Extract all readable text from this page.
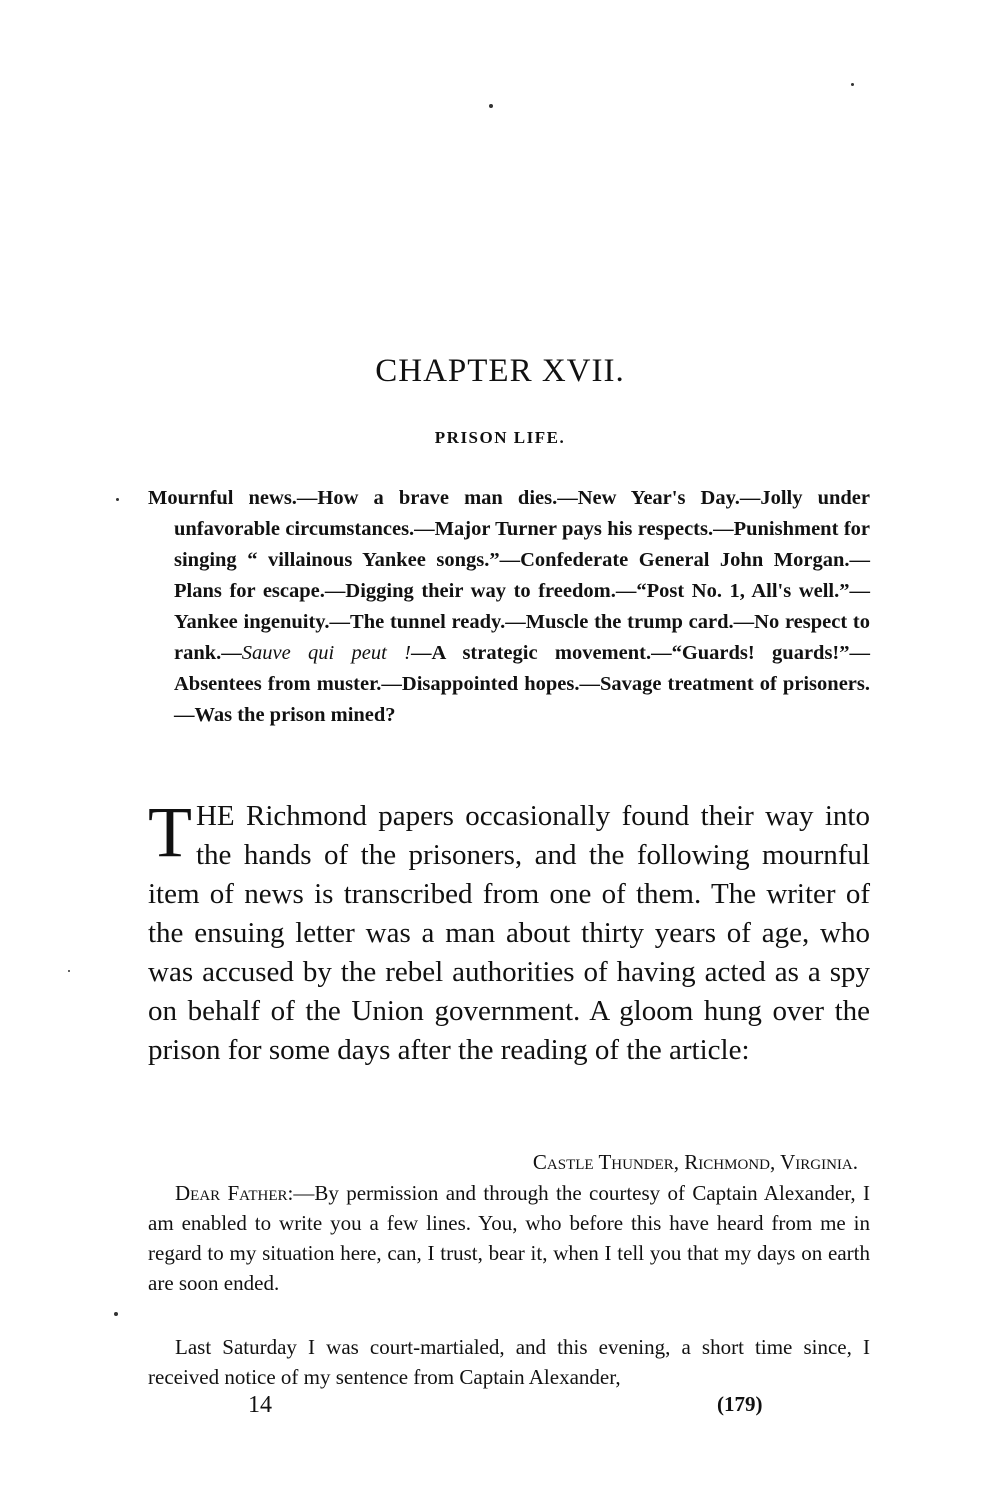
CHAPTER XVII.
PRISON LIFE.

Mournful news.—How a brave man dies.—New Year's Day.—Jolly under unfavorable circumstances.—Major Turner pays his respects.—Punishment for singing “ villainous Yankee songs.”—Confederate General John Morgan.—Plans for escape.—Digging their way to freedom.—“Post No. 1, All's well.”—Yankee ingenuity.—The tunnel ready.—Muscle the trump card.—No respect to rank.—Sauve qui peut !—A strategic movement.—“Guards! guards!”—Absentees from muster.—Disappointed hopes.—Savage treatment of prisoners.—Was the prison mined?

THE Richmond papers occasionally found their way into the hands of the prisoners, and the following mournful item of news is transcribed from one of them. The writer of the ensuing letter was a man about thirty years of age, who was accused by the rebel authorities of having acted as a spy on behalf of the Union government. A gloom hung over the prison for some days after the reading of the article:

Castle Thunder, Richmond, Virginia.

Dear Father:—By permission and through the courtesy of Captain Alexander, I am enabled to write you a few lines. You, who before this have heard from me in regard to my situation here, can, I trust, bear it, when I tell you that my days on earth are soon ended.

Last Saturday I was court-martialed, and this evening, a short time since, I received notice of my sentence from Captain Alexander,

14	(179)
